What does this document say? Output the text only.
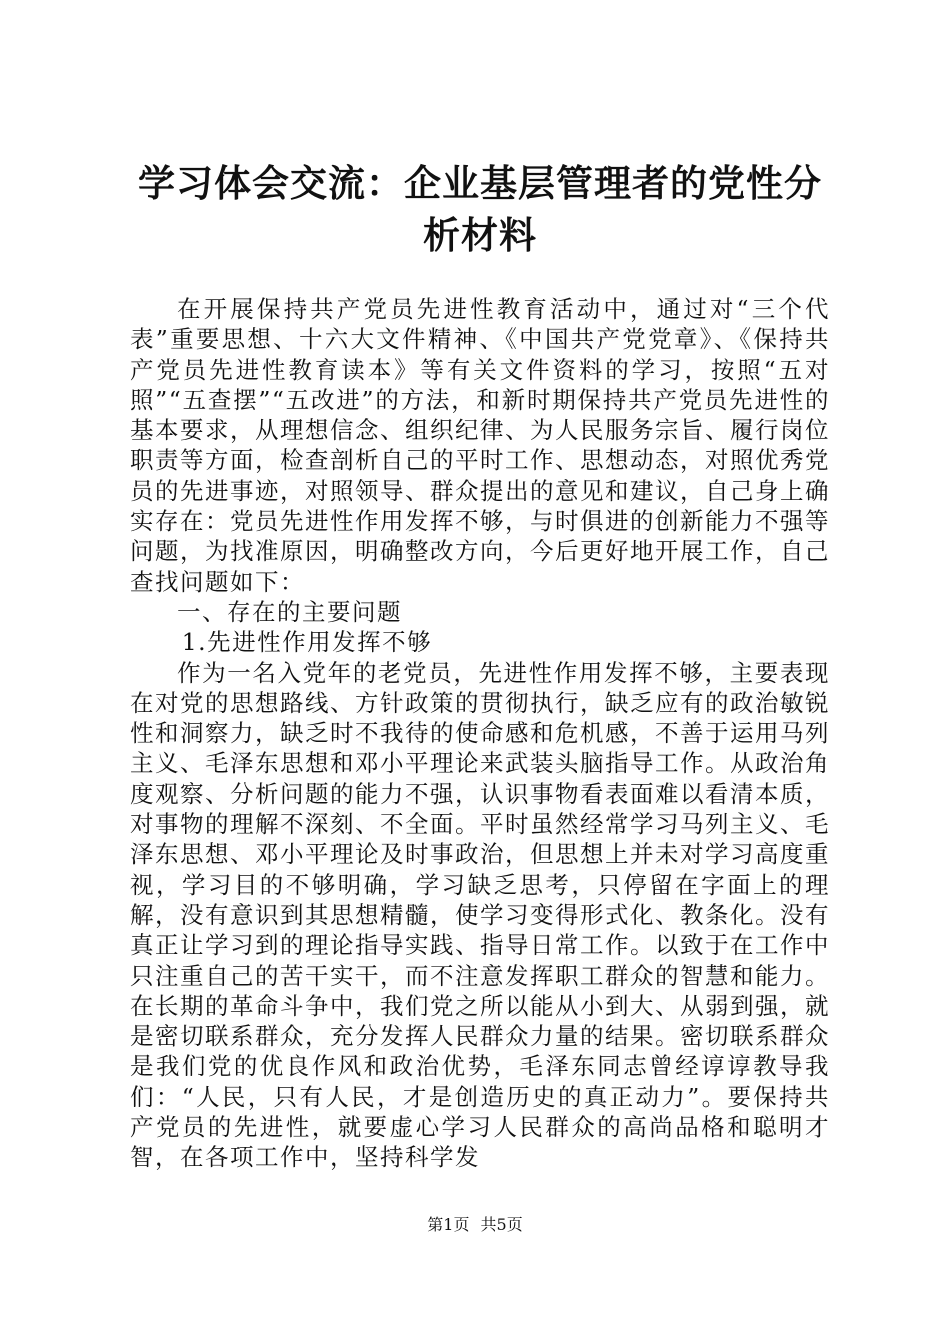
学习体会交流：企业基层管理者的党性分析材料

在开展保持共产党员先进性教育活动中，通过对“三个代表”重要思想、十六大文件精神、《中国共产党党章》、《保持共产党员先进性教育读本》等有关文件资料的学习，按照“五对照”“五查摆”“五改进”的方法，和新时期保持共产党员先进性的基本要求，从理想信念、组织纪律、为人民服务宗旨、履行岗位职责等方面，检查剖析自己的平时工作、思想动态，对照优秀党员的先进事迹，对照领导、群众提出的意见和建议，自己身上确实存在：党员先进性作用发挥不够，与时俱进的创新能力不强等问题，为找准原因，明确整改方向，今后更好地开展工作，自己查找问题如下：

一、存在的主要问题

1.先进性作用发挥不够

作为一名入党年的老党员，先进性作用发挥不够，主要表现在对党的思想路线、方针政策的贯彻执行，缺乏应有的政治敏锐性和洞察力，缺乏时不我待的使命感和危机感，不善于运用马列主义、毛泽东思想和邓小平理论来武装头脑指导工作。从政治角度观察、分析问题的能力不强，认识事物看表面难以看清本质，对事物的理解不深刻、不全面。平时虽然经常学习马列主义、毛泽东思想、邓小平理论及时事政治，但思想上并未对学习高度重视，学习目的不够明确，学习缺乏思考，只停留在字面上的理解，没有意识到其思想精髓，使学习变得形式化、教条化。没有真正让学习到的理论指导实践、指导日常工作。以致于在工作中只注重自己的苦干实干，而不注意发挥职工群众的智慧和能力。在长期的革命斗争中，我们党之所以能从小到大、从弱到强，就是密切联系群众，充分发挥人民群众力量的结果。密切联系群众是我们党的优良作风和政治优势，毛泽东同志曾经谆谆教导我们：“人民，只有人民，才是创造历史的真正动力”。要保持共产党员的先进性，就要虚心学习人民群众的高尚品格和聪明才智，在各项工作中，坚持科学发

第1页 共5页
